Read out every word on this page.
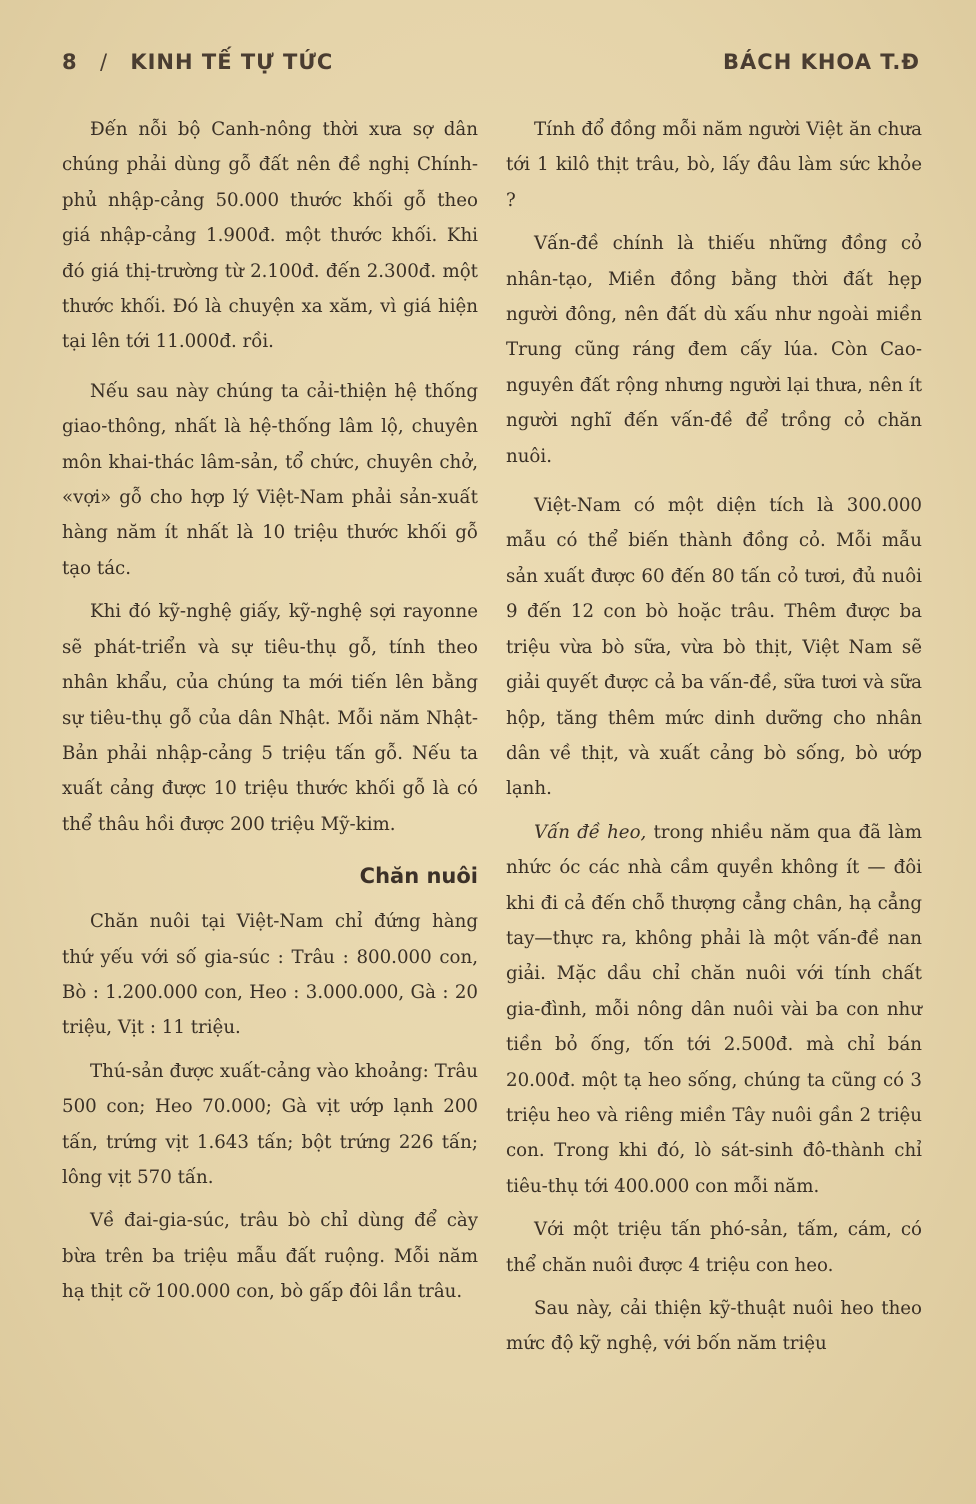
8 / KINH TẾ TỰ TỨC	BÁCH KHOA T.Đ

Đến nỗi bộ Canh-nông thời xưa sợ dân chúng phải dùng gỗ đất nên đề nghị Chính-phủ nhập-cảng 50.000 thước khối gỗ theo giá nhập-cảng 1.900đ. một thước khối. Khi đó giá thị-trường từ 2.100đ. đến 2.300đ. một thước khối. Đó là chuyện xa xăm, vì giá hiện tại lên tới 11.000đ. rồi.

Nếu sau này chúng ta cải-thiện hệ thống giao-thông, nhất là hệ-thống lâm lộ, chuyên môn khai-thác lâm-sản, tổ chức, chuyên chở, «vợi» gỗ cho hợp lý Việt-Nam phải sản-xuất hàng năm ít nhất là 10 triệu thước khối gỗ tạo tác.

Khi đó kỹ-nghệ giấy, kỹ-nghệ sợi rayonne sẽ phát-triển và sự tiêu-thụ gỗ, tính theo nhân khẩu, của chúng ta mới tiến lên bằng sự tiêu-thụ gỗ của dân Nhật. Mỗi năm Nhật-Bản phải nhập-cảng 5 triệu tấn gỗ. Nếu ta xuất cảng được 10 triệu thước khối gỗ là có thể thâu hồi được 200 triệu Mỹ-kim.

Chăn nuôi

Chăn nuôi tại Việt-Nam chỉ đứng hàng thứ yếu với số gia-súc : Trâu : 800.000 con, Bò : 1.200.000 con, Heo : 3.000.000, Gà : 20 triệu, Vịt : 11 triệu.

Thú-sản được xuất-cảng vào khoảng: Trâu 500 con; Heo 70.000; Gà vịt ướp lạnh 200 tấn, trứng vịt 1.643 tấn; bột trứng 226 tấn; lông vịt 570 tấn.

Về đai-gia-súc, trâu bò chỉ dùng để cày bừa trên ba triệu mẫu đất ruộng. Mỗi năm hạ thịt cỡ 100.000 con, bò gấp đôi lần trâu.

Tính đổ đồng mỗi năm người Việt ăn chưa tới 1 kilô thịt trâu, bò, lấy đâu làm sức khỏe ?

Vấn-đề chính là thiếu những đồng cỏ nhân-tạo, Miền đồng bằng thời đất hẹp người đông, nên đất dù xấu như ngoài miền Trung cũng ráng đem cấy lúa. Còn Cao-nguyên đất rộng nhưng người lại thưa, nên ít người nghĩ đến vấn-đề để trồng cỏ chăn nuôi.

Việt-Nam có một diện tích là 300.000 mẫu có thể biến thành đồng cỏ. Mỗi mẫu sản xuất được 60 đến 80 tấn cỏ tươi, đủ nuôi 9 đến 12 con bò hoặc trâu. Thêm được ba triệu vừa bò sữa, vừa bò thịt, Việt Nam sẽ giải quyết được cả ba vấn-đề, sữa tươi và sữa hộp, tăng thêm mức dinh dưỡng cho nhân dân về thịt, và xuất cảng bò sống, bò ướp lạnh.

Vấn đề heo, trong nhiều năm qua đã làm nhức óc các nhà cầm quyền không ít — đôi khi đi cả đến chỗ thượng cẳng chân, hạ cẳng tay—thực ra, không phải là một vấn-đề nan giải. Mặc dầu chỉ chăn nuôi với tính chất gia-đình, mỗi nông dân nuôi vài ba con như tiền bỏ ống, tốn tới 2.500đ. mà chỉ bán 20.00đ. một tạ heo sống, chúng ta cũng có 3 triệu heo và riêng miền Tây nuôi gần 2 triệu con. Trong khi đó, lò sát-sinh đô-thành chỉ tiêu-thụ tới 400.000 con mỗi năm.

Với một triệu tấn phó-sản, tấm, cám, có thể chăn nuôi được 4 triệu con heo.

Sau này, cải thiện kỹ-thuật nuôi heo theo mức độ kỹ nghệ, với bốn năm triệu
